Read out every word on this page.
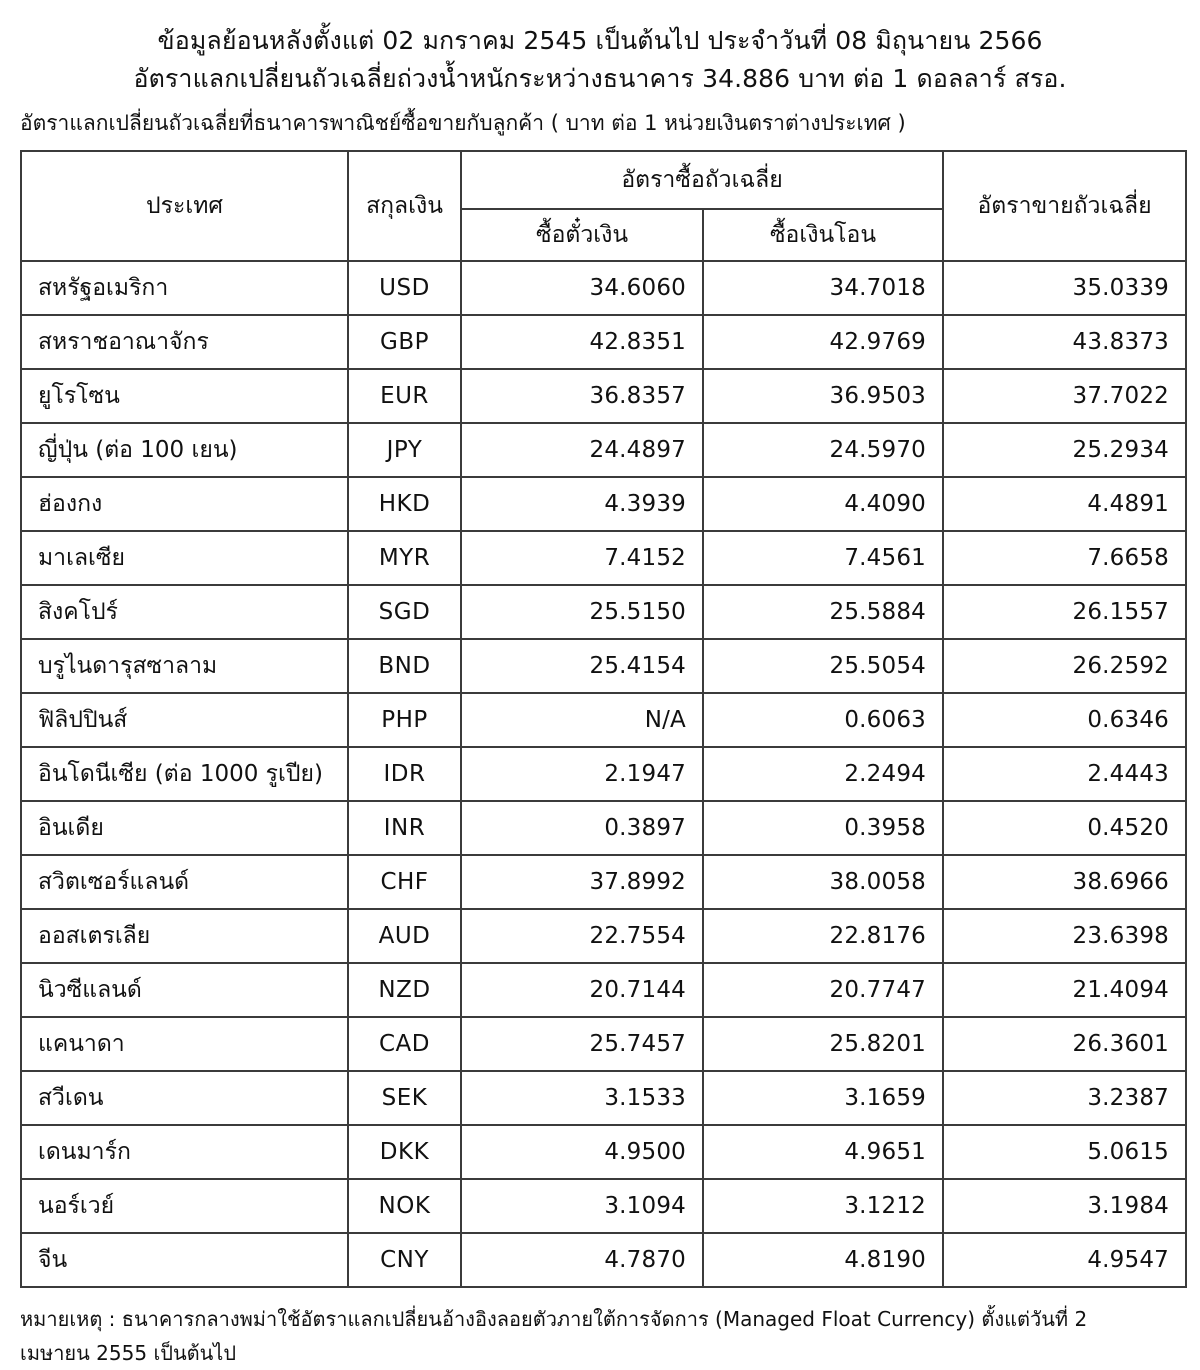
ข้อมูลย้อนหลังตั้งแต่ 02 มกราคม 2545 เป็นต้นไป ประจำวันที่ 08 มิถุนายน 2566
อัตราแลกเปลี่ยนถัวเฉลี่ยถ่วงน้ำหนักระหว่างธนาคาร 34.886 บาท ต่อ 1 ดอลลาร์ สรอ.
อัตราแลกเปลี่ยนถัวเฉลี่ยที่ธนาคารพาณิชย์ซื้อขายกับลูกค้า ( บาท ต่อ 1 หน่วยเงินตราต่างประเทศ )
ประเทศ	สกุลเงิน	อัตราซื้อถัวเฉลี่ย		อัตราขายถัวเฉลี่ย
		ซื้อตั๋วเงิน	ซื้อเงินโอน	
สหรัฐอเมริกา	USD	34.6060	34.7018	35.0339
สหราชอาณาจักร	GBP	42.8351	42.9769	43.8373
ยูโรโซน	EUR	36.8357	36.9503	37.7022
ญี่ปุ่น (ต่อ 100 เยน)	JPY	24.4897	24.5970	25.2934
ฮ่องกง	HKD	4.3939	4.4090	4.4891
มาเลเซีย	MYR	7.4152	7.4561	7.6658
สิงคโปร์	SGD	25.5150	25.5884	26.1557
บรูไนดารุสซาลาม	BND	25.4154	25.5054	26.2592
ฟิลิปปินส์	PHP	N/A	0.6063	0.6346
อินโดนีเซีย (ต่อ 1000 รูเปีย)	IDR	2.1947	2.2494	2.4443
อินเดีย	INR	0.3897	0.3958	0.4520
สวิตเซอร์แลนด์	CHF	37.8992	38.0058	38.6966
ออสเตรเลีย	AUD	22.7554	22.8176	23.6398
นิวซีแลนด์	NZD	20.7144	20.7747	21.4094
แคนาดา	CAD	25.7457	25.8201	26.3601
สวีเดน	SEK	3.1533	3.1659	3.2387
เดนมาร์ก	DKK	4.9500	4.9651	5.0615
นอร์เวย์	NOK	3.1094	3.1212	3.1984
จีน	CNY	4.7870	4.8190	4.9547
หมายเหตุ : ธนาคารกลางพม่าใช้อัตราแลกเปลี่ยนอ้างอิงลอยตัวภายใต้การจัดการ (Managed Float Currency) ตั้งแต่วันที่ 2
เมษายน 2555 เป็นต้นไป
